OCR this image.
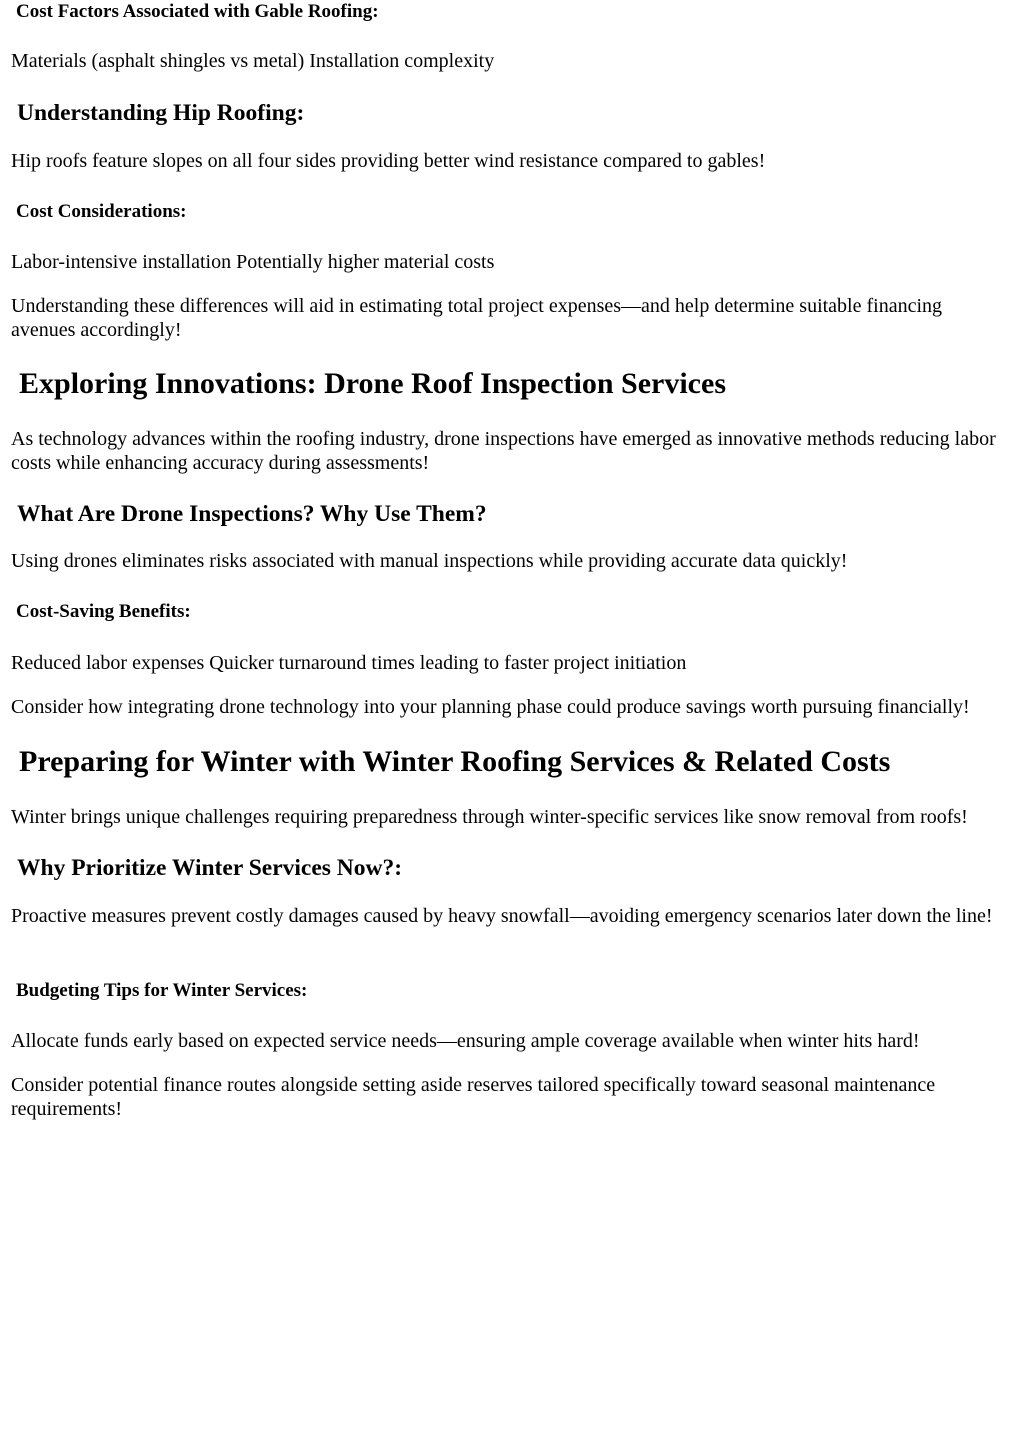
Cost Factors Associated with Gable Roofing:

Materials (asphalt shingles vs metal) Installation complexity

Understanding Hip Roofing:

Hip roofs feature slopes on all four sides providing better wind resistance compared to gables!

Cost Considerations:

Labor-intensive installation Potentially higher material costs

Understanding these differences will aid in estimating total project expenses—and help determine suitable financing avenues accordingly!

Exploring Innovations: Drone Roof Inspection Services

As technology advances within the roofing industry, drone inspections have emerged as innovative methods reducing labor costs while enhancing accuracy during assessments!

What Are Drone Inspections? Why Use Them?

Using drones eliminates risks associated with manual inspections while providing accurate data quickly!

Cost-Saving Benefits:

Reduced labor expenses Quicker turnaround times leading to faster project initiation

Consider how integrating drone technology into your planning phase could produce savings worth pursuing financially!

Preparing for Winter with Winter Roofing Services & Related Costs

Winter brings unique challenges requiring preparedness through winter-specific services like snow removal from roofs!

Why Prioritize Winter Services Now?:

Proactive measures prevent costly damages caused by heavy snowfall—avoiding emergency scenarios later down the line!

Budgeting Tips for Winter Services:

Allocate funds early based on expected service needs—ensuring ample coverage available when winter hits hard!

Consider potential finance routes alongside setting aside reserves tailored specifically toward seasonal maintenance requirements!
